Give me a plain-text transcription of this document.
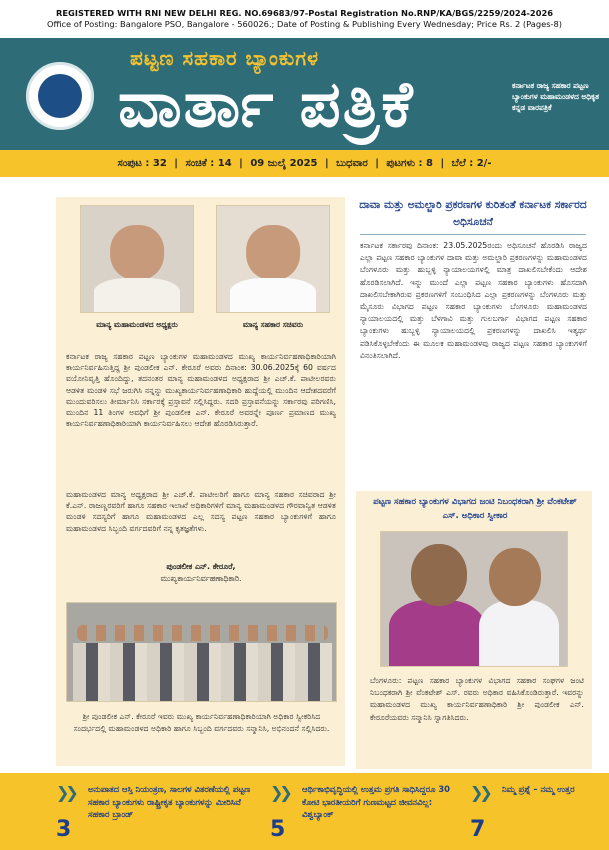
REGISTERED WITH RNI NEW DELHI REG. NO.69683/97-Postal Registration No.RNP/KA/BGS/2259/2024-2026
Office of Posting: Bangalore PSO, Bangalore - 560026.; Date of Posting & Publishing Every Wednesday; Price Rs. 2 (Pages-8)
ಕರ್ನಾಟಕ
ಪಟ್ಟಣ ಸಹಕಾರ ಬ್ಯಾಂಕುಗಳ
ವಾರ್ತಾ ಪತ್ರಿಕೆ	ಕರ್ನಾಟಕ ರಾಜ್ಯ ಸಹಕಾರ ಪಟ್ಟಣ ಬ್ಯಾಂಕುಗಳ ಮಹಾಮಂಡಳದ ಅಧಿಕೃತ ಕನ್ನಡ ವಾರಪತ್ರಿಕೆ
ಸಂಪುಟ : 32 | ಸಂಚಿಕೆ : 14 | 09 ಜುಲೈ 2025 | ಬುಧವಾರ | ಪುಟಗಳು : 8 | ಬೆಲೆ : 2/-
ಮಾನ್ಯ ಮಹಾಮಂಡಳದ ಅಧ್ಯಕ್ಷರು	ಮಾನ್ಯ ಸಹಕಾರ ಸಚಿವರು
ಕರ್ನಾಟಕ ರಾಜ್ಯ ಸಹಕಾರ ಪಟ್ಟಣ ಬ್ಯಾಂಕುಗಳ ಮಹಾಮಂಡಳದ ಮುಖ್ಯ ಕಾರ್ಯನಿರ್ವಹಣಾಧಿಕಾರಿಯಾಗಿ ಕಾರ್ಯನಿರ್ವಹಿಸುತ್ತಿದ್ದ ಶ್ರೀ ಪುಂಡಲೀಕ ಎನ್. ಕೇರೂರೆ ಅವರು ದಿನಾಂಕ: 30.06.2025ಕ್ಕೆ 60 ವರ್ಷದ ವಯೋನಿವೃತ್ತಿ ಹೊಂದಿದ್ದು, ತದನಂತರ ಮಾನ್ಯ ಮಹಾಮಂಡಳದ ಅಧ್ಯಕ್ಷರಾದ ಶ್ರೀ ಎಚ್.ಕೆ. ಪಾಟೀಲರವರು ಆಡಳಿತ ಮಂಡಳಿ ಸಭೆ ಜರುಗಿಸಿ ನನ್ನನ್ನು ಮುಖ್ಯಕಾರ್ಯನಿರ್ವಹಣಾಧಿಕಾರಿ ಹುದ್ದೆಯಲ್ಲಿ ಮುಂದಿನ ಆದೇಶದವರೆಗೆ ಮುಂದುವರಿಸಲು ತೀರ್ಮಾನಿಸಿ ಸರ್ಕಾರಕ್ಕೆ ಪ್ರಸ್ತಾವನೆ ಸಲ್ಲಿಸಿದ್ದರು. ಸದರಿ ಪ್ರಸ್ತಾವನೆಯನ್ನು ಸರ್ಕಾರವು ಪರಿಗಣಿಸಿ, ಮುಂದಿನ 11 ತಿಂಗಳ ಅವಧಿಗೆ ಶ್ರೀ ಪುಂಡಲೀಕ ಎನ್. ಕೇರೂರೆ ಅವರನ್ನೇ ಪೂರ್ಣ ಪ್ರಮಾಣದ ಮುಖ್ಯ ಕಾರ್ಯನಿರ್ವಹಣಾಧಿಕಾರಿಯಾಗಿ ಕಾರ್ಯನಿರ್ವಹಿಸಲು ಆದೇಶ ಹೊರಡಿಸಿರುತ್ತಾರೆ.
ಮಹಾಮಂಡಳದ ಮಾನ್ಯ ಅಧ್ಯಕ್ಷರಾದ ಶ್ರೀ ಎಚ್.ಕೆ. ಪಾಟೀಲರಿಗೆ ಹಾಗೂ ಮಾನ್ಯ ಸಹಕಾರ ಸಚಿವರಾದ ಶ್ರೀ ಕೆ.ಎನ್. ರಾಜಣ್ಣರವರಿಗೆ ಹಾಗೂ ಸಹಕಾರ ಇಲಾಖೆ ಅಧಿಕಾರಿಗಳಿಗೆ ಮಾನ್ಯ ಮಹಾಮಂಡಳದ ಗೌರವಾನ್ವಿತ ಆಡಳಿತ ಮಂಡಳಿ ಸದಸ್ಯರಿಗೆ ಹಾಗೂ ಮಹಾಮಂಡಳದ ಎಲ್ಲ ಸದಸ್ಯ ಪಟ್ಟಣ ಸಹಕಾರ ಬ್ಯಾಂಕುಗಳಿಗೆ ಹಾಗೂ ಮಹಾಮಂಡಳದ ಸಿಬ್ಬಂದಿ ವರ್ಗದವರಿಗೆ ನನ್ನ ಕೃತಜ್ಞತೆಗಳು.
ಪುಂಡಲೀಕ ಎನ್. ಕೇರೂರೆ,
ಮುಖ್ಯಕಾರ್ಯನಿರ್ವಹಣಾಧಿಕಾರಿ.
ಶ್ರೀ ಪುಂಡಲೀಕ ಎನ್. ಕೇರೂರೆ ಇವರು ಮುಖ್ಯ ಕಾರ್ಯನಿರ್ವಹಣಾಧಿಕಾರಿಯಾಗಿ ಅಧಿಕಾರ ಸ್ವೀಕರಿಸಿದ ಸಂದರ್ಭದಲ್ಲಿ ಮಹಾಮಂಡಳದ ಅಧಿಕಾರಿ ಹಾಗೂ ಸಿಬ್ಬಂದಿ ವರ್ಗದವರು ಸನ್ಮಾನಿಸಿ, ಅಭಿನಂದನೆ ಸಲ್ಲಿಸಿದರು.
ದಾವಾ ಮತ್ತು ಅಮಲ್ಜಾರಿ ಪ್ರಕರಣಗಳ ಕುರಿತಂತೆ ಕರ್ನಾಟಕ ಸರ್ಕಾರದ ಅಧಿಸೂಚನೆ
ಕರ್ನಾಟಕ ಸರ್ಕಾರವು ದಿನಾಂಕ: 23.05.2025ರಂದು ಅಧಿಸೂಚನೆ ಹೊರಡಿಸಿ ರಾಜ್ಯದ ಎಲ್ಲಾ ಪಟ್ಟಣ ಸಹಕಾರ ಬ್ಯಾಂಕುಗಳ ದಾವಾ ಮತ್ತು ಅಮಲ್ಜಾರಿ ಪ್ರಕರಣಗಳನ್ನು ಮಹಾಮಂಡಳದ ಬೆಂಗಳೂರು ಮತ್ತು ಹುಬ್ಬಳ್ಳಿ ನ್ಯಾಯಾಲಯಗಳಲ್ಲಿ ಮಾತ್ರ ದಾಖಲಿಸಬೇಕೆಂದು ಆದೇಶ ಹೊರಡಿಸಲಾಗಿದೆ. ಇನ್ನು ಮುಂದೆ ಎಲ್ಲಾ ಪಟ್ಟಣ ಸಹಕಾರ ಬ್ಯಾಂಕುಗಳು ಹೊಸದಾಗಿ ದಾಖಲಿಸಬೇಕಾಗಿರುವ ಪ್ರಕರಣಗಳಿಗೆ ಸಂಬಂಧಿಸಿದ ಎಲ್ಲಾ ಪ್ರಕರಣಗಳನ್ನು ಬೆಂಗಳೂರು ಮತ್ತು ಮೈಸೂರು ವಿಭಾಗದ ಪಟ್ಟಣ ಸಹಕಾರ ಬ್ಯಾಂಕುಗಳು ಬೆಂಗಳೂರು ಮಹಾಮಂಡಳದ ನ್ಯಾಯಾಲಯದಲ್ಲಿ ಮತ್ತು ಬೆಳಗಾವಿ ಮತ್ತು ಗುಲಬರ್ಗಾ ವಿಭಾಗದ ಪಟ್ಟಣ ಸಹಕಾರ ಬ್ಯಾಂಕುಗಳು ಹುಬ್ಬಳ್ಳಿ ನ್ಯಾಯಾಲಯದಲ್ಲಿ ಪ್ರಕರಣಗಳನ್ನು ದಾಖಲಿಸಿ ಇತ್ಯರ್ಥ ಪಡಿಸಿಕೊಳ್ಳಬೇಕೆಂದು ಈ ಮೂಲಕ ಮಹಾಮಂಡಳವು ರಾಜ್ಯದ ಪಟ್ಟಣ ಸಹಕಾರ ಬ್ಯಾಂಕುಗಳಿಗೆ ವಿನಂತಿಸಲಾಗಿದೆ.
ಪಟ್ಟಣ ಸಹಕಾರ ಬ್ಯಾಂಕುಗಳ ವಿಭಾಗದ ಜಂಟಿ ನಿಬಂಧಕರಾಗಿ ಶ್ರೀ ವೆಂಕಟೇಶ್ ಎಸ್. ಅಧಿಕಾರ ಸ್ವೀಕಾರ
ಬೆಂಗಳೂರು: ಪಟ್ಟಣ ಸಹಕಾರ ಬ್ಯಾಂಕುಗಳ ವಿಭಾಗದ ಸಹಕಾರ ಸಂಘಗಳ ಜಂಟಿ ನಿಬಂಧಕರಾಗಿ ಶ್ರೀ ವೆಂಕಟೇಶ್ ಎಸ್. ರವರು ಅಧಿಕಾರ ವಹಿಸಿಕೊಂಡಿರುತ್ತಾರೆ. ಇವರನ್ನು ಮಹಾಮಂಡಳದ ಮುಖ್ಯ ಕಾರ್ಯನಿರ್ವಹಣಾಧಿಕಾರಿ ಶ್ರೀ ಪುಂಡಲೀಕ ಎನ್. ಕೇರೂರೆಯವರು ಸನ್ಮಾನಿಸಿ ಸ್ವಾಗತಿಸಿದರು.
❯❯
3
ಅನುಪಾತದ ಆಸ್ತಿ ನಿಯಂತ್ರಣ, ಸಾಲಗಳ ವಿತರಣೆಯಲ್ಲಿ ಪಟ್ಟಣ ಸಹಕಾರ ಬ್ಯಾಂಕುಗಳು ರಾಷ್ಟ್ರೀಕೃತ ಬ್ಯಾಂಕುಗಳನ್ನು ಮೀರಿಸಿವೆ ಸಹಕಾರ ಬ್ರಾಂಡ್
❯❯
5
ಆರ್ಥಿಕಾಭಿವೃದ್ಧಿಯಲ್ಲಿ ಉತ್ತಮ ಪ್ರಗತಿ ಸಾಧಿಸಿದ್ದರೂ 30 ಕೋಟಿ ಭಾರತೀಯರಿಗೆ ಗುಣಮಟ್ಟದ ಜೀವನವಿಲ್ಲ: ವಿಶ್ವಬ್ಯಾಂಕ್
❯❯
7
ನಿಮ್ಮ ಪ್ರಶ್ನೆ – ನಮ್ಮ ಉತ್ತರ
